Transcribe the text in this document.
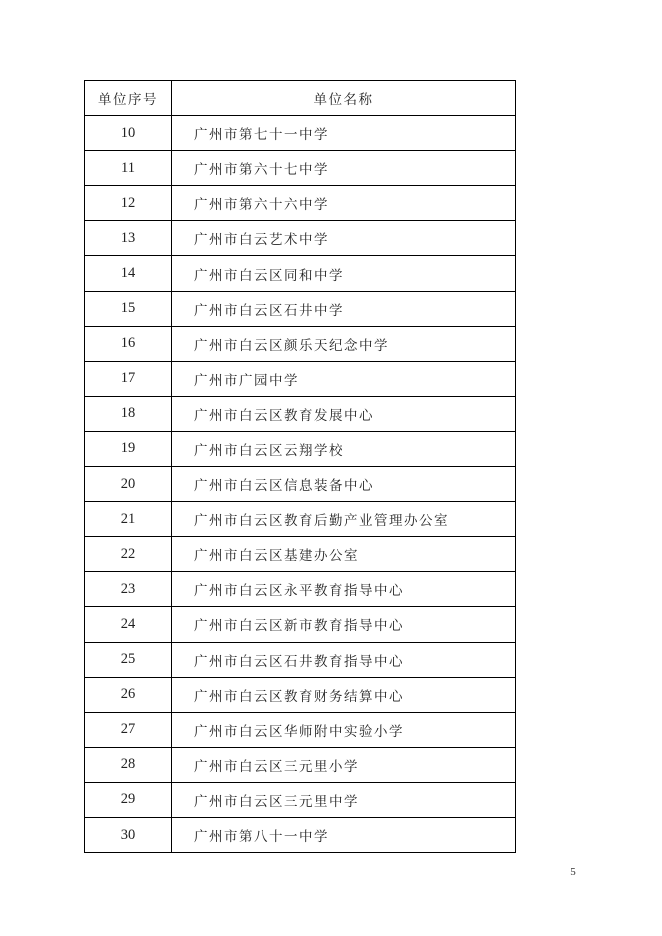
单位序号	单位名称
10	广州市第七十一中学
11	广州市第六十七中学
12	广州市第六十六中学
13	广州市白云艺术中学
14	广州市白云区同和中学
15	广州市白云区石井中学
16	广州市白云区颜乐天纪念中学
17	广州市广园中学
18	广州市白云区教育发展中心
19	广州市白云区云翔学校
20	广州市白云区信息装备中心
21	广州市白云区教育后勤产业管理办公室
22	广州市白云区基建办公室
23	广州市白云区永平教育指导中心
24	广州市白云区新市教育指导中心
25	广州市白云区石井教育指导中心
26	广州市白云区教育财务结算中心
27	广州市白云区华师附中实验小学
28	广州市白云区三元里小学
29	广州市白云区三元里中学
30	广州市第八十一中学
5
